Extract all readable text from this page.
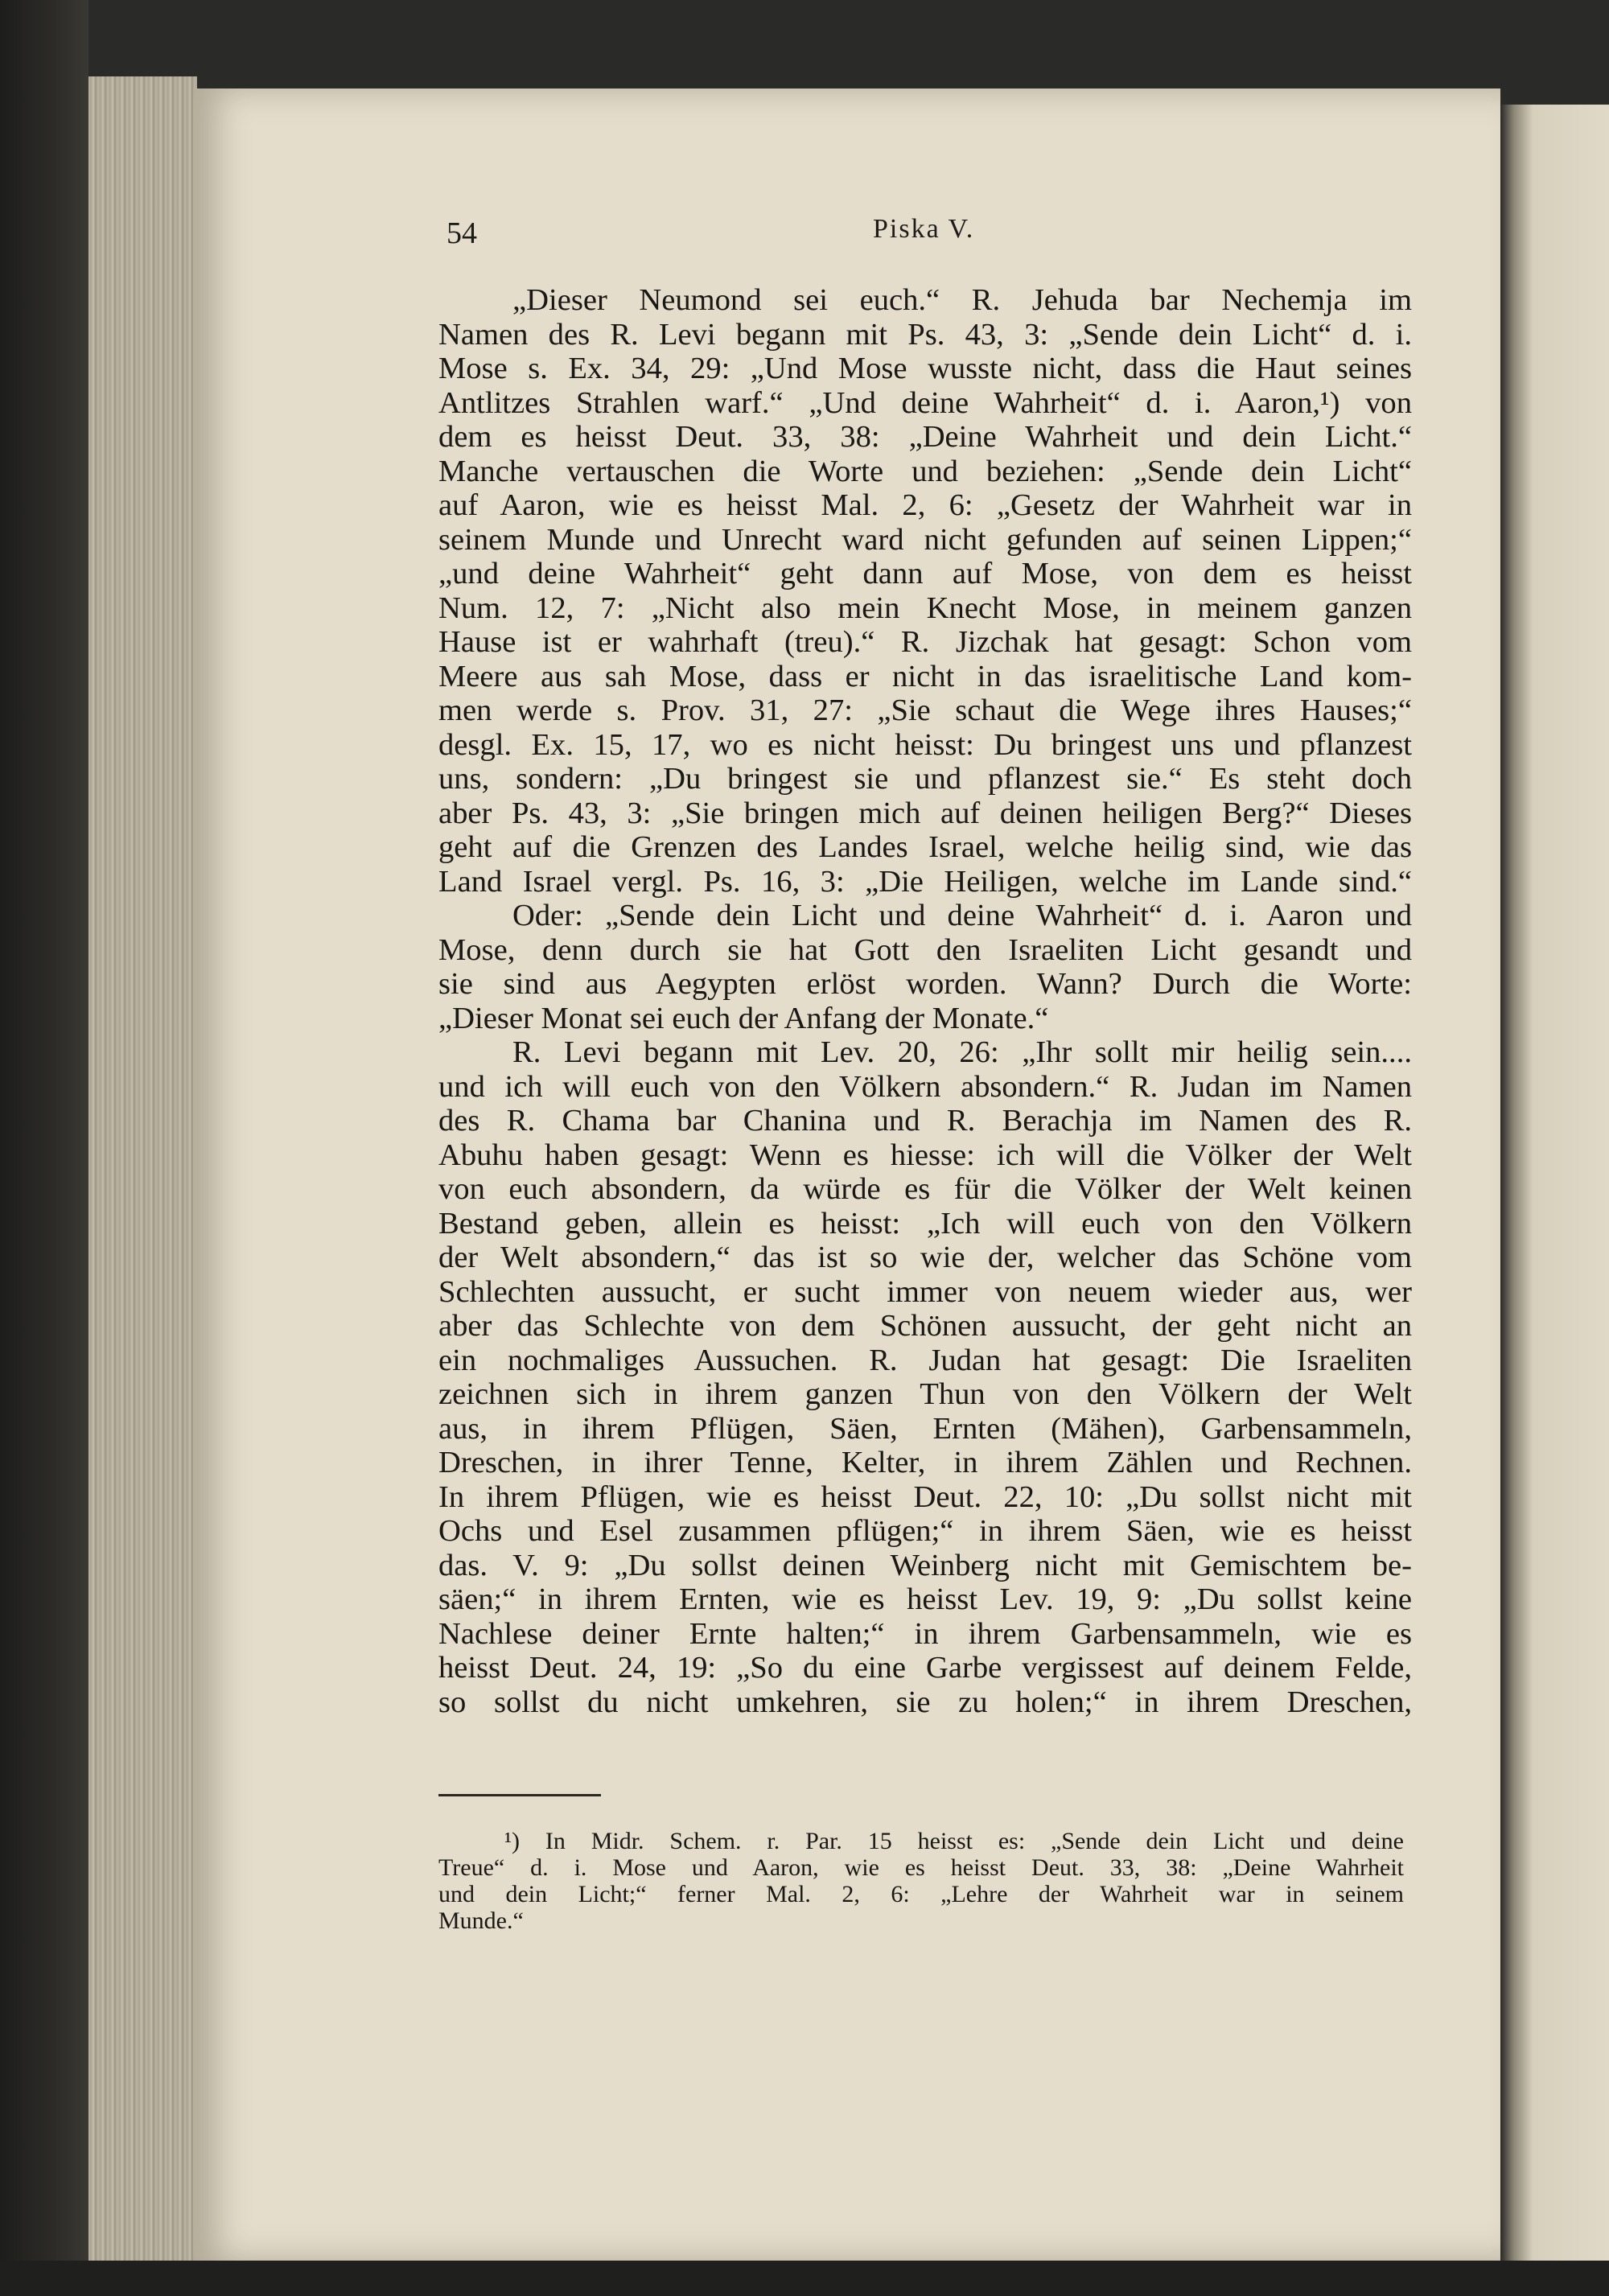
54	Piska V.

„Dieser Neumond sei euch.“ R. Jehuda bar Nechemja im
Namen des R. Levi begann mit Ps. 43, 3: „Sende dein Licht“ d. i.
Mose s. Ex. 34, 29: „Und Mose wusste nicht, dass die Haut seines
Antlitzes Strahlen warf.“ „Und deine Wahrheit“ d. i. Aaron,¹) von
dem es heisst Deut. 33, 38: „Deine Wahrheit und dein Licht.“
Manche vertauschen die Worte und beziehen: „Sende dein Licht“
auf Aaron, wie es heisst Mal. 2, 6: „Gesetz der Wahrheit war in
seinem Munde und Unrecht ward nicht gefunden auf seinen Lippen;“
„und deine Wahrheit“ geht dann auf Mose, von dem es heisst
Num. 12, 7: „Nicht also mein Knecht Mose, in meinem ganzen
Hause ist er wahrhaft (treu).“ R. Jizchak hat gesagt: Schon vom
Meere aus sah Mose, dass er nicht in das israelitische Land kom-
men werde s. Prov. 31, 27: „Sie schaut die Wege ihres Hauses;“
desgl. Ex. 15, 17, wo es nicht heisst: Du bringest uns und pflanzest
uns, sondern: „Du bringest sie und pflanzest sie.“ Es steht doch
aber Ps. 43, 3: „Sie bringen mich auf deinen heiligen Berg?“ Dieses
geht auf die Grenzen des Landes Israel, welche heilig sind, wie das
Land Israel vergl. Ps. 16, 3: „Die Heiligen, welche im Lande sind.“

Oder: „Sende dein Licht und deine Wahrheit“ d. i. Aaron und
Mose, denn durch sie hat Gott den Israeliten Licht gesandt und
sie sind aus Aegypten erlöst worden. Wann? Durch die Worte:
„Dieser Monat sei euch der Anfang der Monate.“

R. Levi begann mit Lev. 20, 26: „Ihr sollt mir heilig sein....
und ich will euch von den Völkern absondern.“ R. Judan im Namen
des R. Chama bar Chanina und R. Berachja im Namen des R.
Abuhu haben gesagt: Wenn es hiesse: ich will die Völker der Welt
von euch absondern, da würde es für die Völker der Welt keinen
Bestand geben, allein es heisst: „Ich will euch von den Völkern
der Welt absondern,“ das ist so wie der, welcher das Schöne vom
Schlechten aussucht, er sucht immer von neuem wieder aus, wer
aber das Schlechte von dem Schönen aussucht, der geht nicht an
ein nochmaliges Aussuchen. R. Judan hat gesagt: Die Israeliten
zeichnen sich in ihrem ganzen Thun von den Völkern der Welt
aus, in ihrem Pflügen, Säen, Ernten (Mähen), Garbensammeln,
Dreschen, in ihrer Tenne, Kelter, in ihrem Zählen und Rechnen.
In ihrem Pflügen, wie es heisst Deut. 22, 10: „Du sollst nicht mit
Ochs und Esel zusammen pflügen;“ in ihrem Säen, wie es heisst
das. V. 9: „Du sollst deinen Weinberg nicht mit Gemischtem be-
säen;“ in ihrem Ernten, wie es heisst Lev. 19, 9: „Du sollst keine
Nachlese deiner Ernte halten;“ in ihrem Garbensammeln, wie es
heisst Deut. 24, 19: „So du eine Garbe vergissest auf deinem Felde,
so sollst du nicht umkehren, sie zu holen;“ in ihrem Dreschen,

¹) In Midr. Schem. r. Par. 15 heisst es: „Sende dein Licht und deine
Treue“ d. i. Mose und Aaron, wie es heisst Deut. 33, 38: „Deine Wahrheit
und dein Licht;“ ferner Mal. 2, 6: „Lehre der Wahrheit war in seinem
Munde.“
